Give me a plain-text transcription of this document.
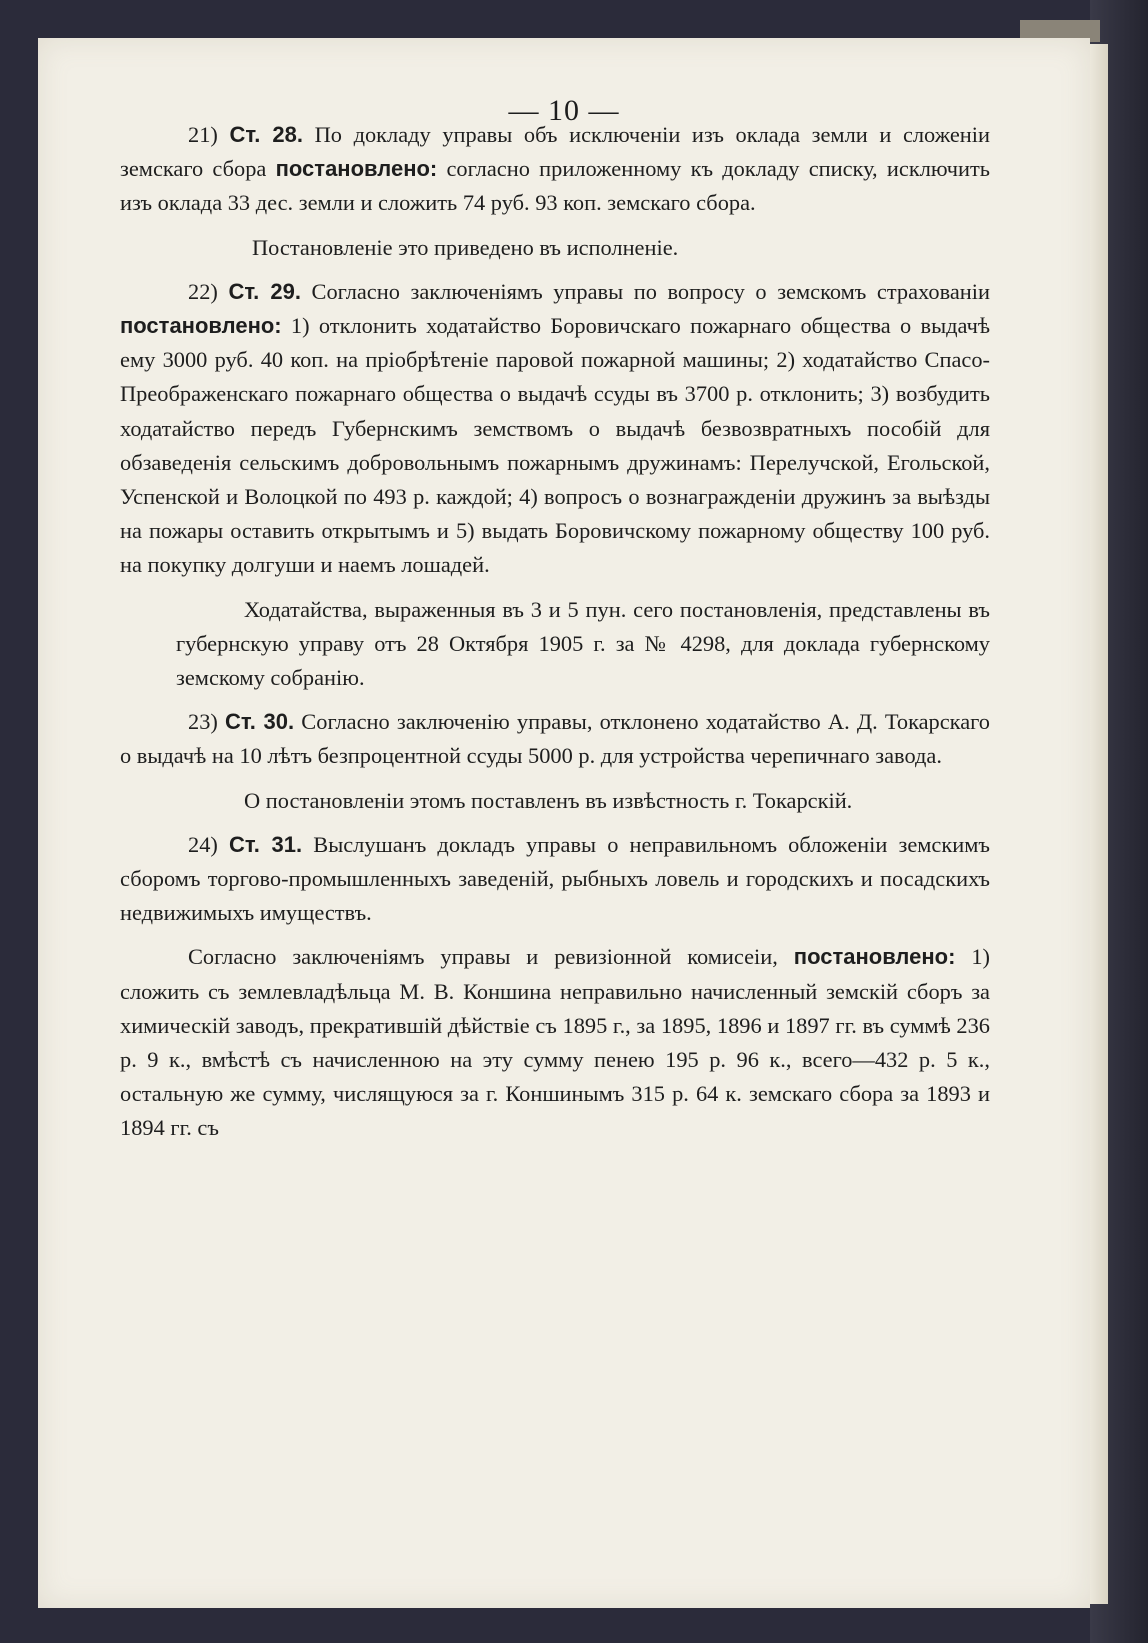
— 10 —

21) Ст. 28. По докладу управы объ исключеніи изъ оклада земли и сложеніи земскаго сбора постановлено: согласно приложенному къ докладу списку, исключить изъ оклада 33 дес. земли и сложить 74 руб. 93 коп. земскаго сбора.

Постановленіе это приведено въ исполненіе.

22) Ст. 29. Согласно заключеніямъ управы по вопросу о земскомъ страхованіи постановлено: 1) отклонить ходатайство Боровичскаго пожарнаго общества о выдачѣ ему 3000 руб. 40 коп. на пріобрѣтеніе паровой пожарной машины; 2) ходатайство Спасо-Преображенскаго пожарнаго общества о выдачѣ ссуды въ 3700 р. отклонить; 3) возбудить ходатайство передъ Губернскимъ земствомъ о выдачѣ безвозвратныхъ пособій для обзаведенія сельскимъ добровольнымъ пожарнымъ дружинамъ: Перелучской, Егольской, Успенской и Волоцкой по 493 р. каждой; 4) вопросъ о вознагражденіи дружинъ за выѣзды на пожары оставить открытымъ и 5) выдать Боровичскому пожарному обществу 100 руб. на покупку долгуши и наемъ лошадей.

Ходатайства, выраженныя въ 3 и 5 пун. сего постановленія, представлены въ губернскую управу отъ 28 Октября 1905 г. за № 4298, для доклада губернскому земскому собранію.

23) Ст. 30. Согласно заключенію управы, отклонено ходатайство А. Д. Токарскаго о выдачѣ на 10 лѣтъ безпроцентной ссуды 5000 р. для устройства черепичнаго завода.

О постановленіи этомъ поставленъ въ извѣстность г. Токарскій.

24) Ст. 31. Выслушанъ докладъ управы о неправильномъ обложеніи земскимъ сборомъ торгово-промышленныхъ заведеній, рыбныхъ ловель и городскихъ и посадскихъ недвижимыхъ имуществъ.

Согласно заключеніямъ управы и ревизіонной комисеіи, постановлено: 1) сложить съ землевладѣльца М. В. Коншина неправильно начисленный земскій сборъ за химическій заводъ, прекратившій дѣйствіе съ 1895 г., за 1895, 1896 и 1897 гг. въ суммѣ 236 р. 9 к., вмѣстѣ съ начисленною на эту сумму пенею 195 р. 96 к., всего—432 р. 5 к., остальную же сумму, числящуюся за г. Коншинымъ 315 р. 64 к. земскаго сбора за 1893 и 1894 гг. съ
